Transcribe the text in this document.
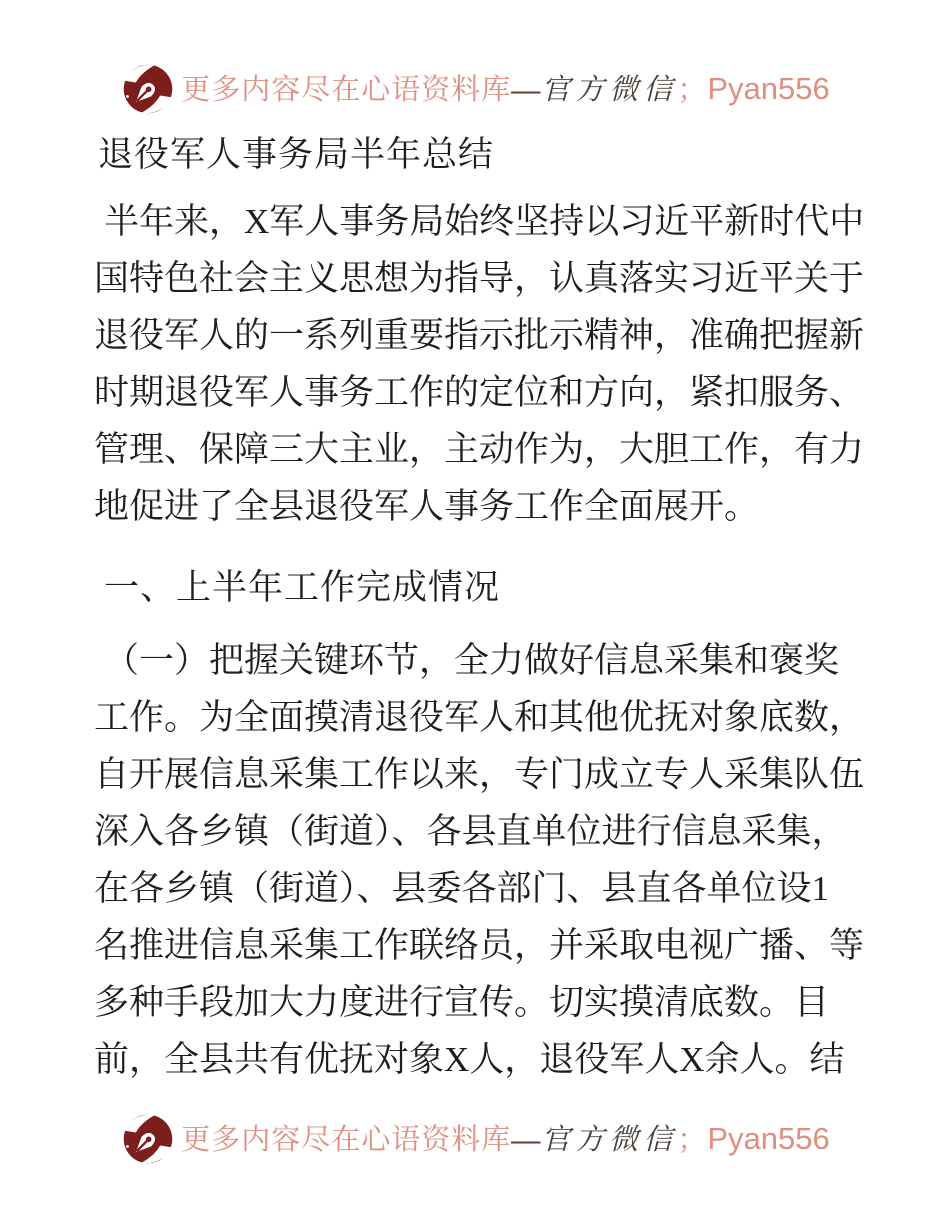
更多内容尽在心语资料库—官方微信；Pyan556
退役军人事务局半年总结
半年来，X军人事务局始终坚持以习近平新时代中
国特色社会主义思想为指导，认真落实习近平关于
退役军人的一系列重要指示批示精神，准确把握新
时期退役军人事务工作的定位和方向，紧扣服务、
管理、保障三大主业，主动作为，大胆工作，有力
地促进了全县退役军人事务工作全面展开。
一、上半年工作完成情况
（一）把握关键环节，全力做好信息采集和褒奖
工作。为全面摸清退役军人和其他优抚对象底数，
自开展信息采集工作以来，专门成立专人采集队伍
深入各乡镇（街道）、各县直单位进行信息采集，
在各乡镇（街道）、县委各部门、县直各单位设1
名推进信息采集工作联络员，并采取电视广播、等
多种手段加大力度进行宣传。切实摸清底数。目
前，全县共有优抚对象X人，退役军人X余人。结
更多内容尽在心语资料库—官方微信；Pyan556
